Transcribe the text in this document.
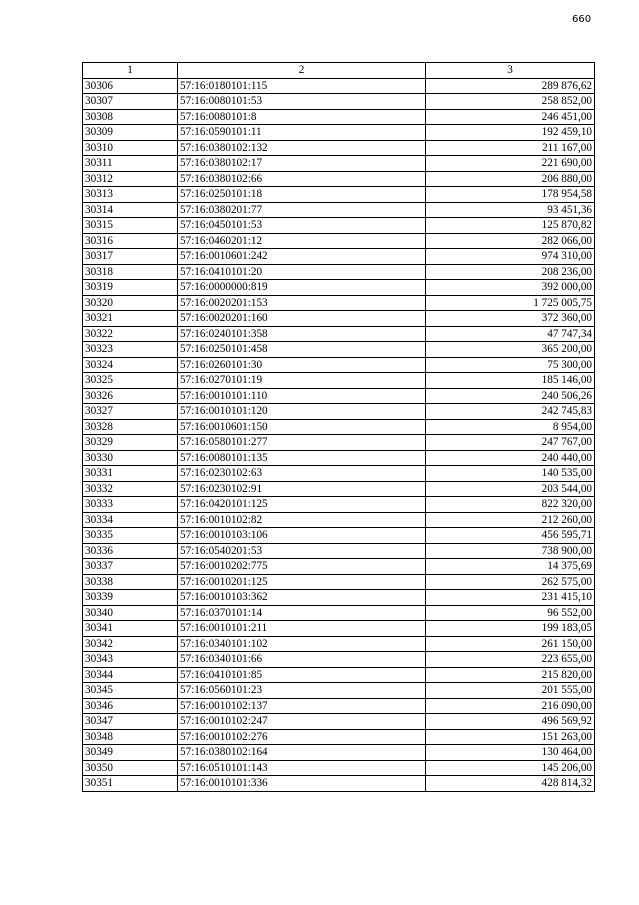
660
1	2	3
30306	57:16:0180101:115	289 876,62
30307	57:16:0080101:53	258 852,00
30308	57:16:0080101:8	246 451,00
30309	57:16:0590101:11	192 459,10
30310	57:16:0380102:132	211 167,00
30311	57:16:0380102:17	221 690,00
30312	57:16:0380102:66	206 880,00
30313	57:16:0250101:18	178 954,58
30314	57:16:0380201:77	93 451,36
30315	57:16:0450101:53	125 870,82
30316	57:16:0460201:12	282 066,00
30317	57:16:0010601:242	974 310,00
30318	57:16:0410101:20	208 236,00
30319	57:16:0000000:819	392 000,00
30320	57:16:0020201:153	1 725 005,75
30321	57:16:0020201:160	372 360,00
30322	57:16:0240101:358	47 747,34
30323	57:16:0250101:458	365 200,00
30324	57:16:0260101:30	75 300,00
30325	57:16:0270101:19	185 146,00
30326	57:16:0010101:110	240 506,26
30327	57:16:0010101:120	242 745,83
30328	57:16:0010601:150	8 954,00
30329	57:16:0580101:277	247 767,00
30330	57:16:0080101:135	240 440,00
30331	57:16:0230102:63	140 535,00
30332	57:16:0230102:91	203 544,00
30333	57:16:0420101:125	822 320,00
30334	57:16:0010102:82	212 260,00
30335	57:16:0010103:106	456 595,71
30336	57:16:0540201:53	738 900,00
30337	57:16:0010202:775	14 375,69
30338	57:16:0010201:125	262 575,00
30339	57:16:0010103:362	231 415,10
30340	57:16:0370101:14	96 552,00
30341	57:16:0010101:211	199 183,05
30342	57:16:0340101:102	261 150,00
30343	57:16:0340101:66	223 655,00
30344	57:16:0410101:85	215 820,00
30345	57:16:0560101:23	201 555,00
30346	57:16:0010102:137	216 090,00
30347	57:16:0010102:247	496 569,92
30348	57:16:0010102:276	151 263,00
30349	57:16:0380102:164	130 464,00
30350	57:16:0510101:143	145 206,00
30351	57:16:0010101:336	428 814,32
